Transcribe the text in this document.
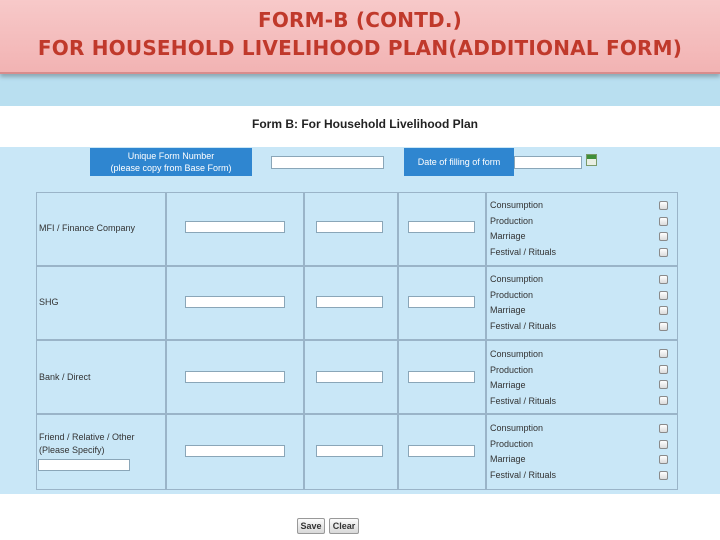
FORM-B (CONTD.)
FOR HOUSEHOLD LIVELIHOOD PLAN(ADDITIONAL FORM)
Form B: For Household Livelihood Plan
Unique Form Number
(please copy from Base Form)
Date of filling of form
MFI / Finance Company
Consumption
Production
Marriage
Festival / Rituals
SHG
Consumption
Production
Marriage
Festival / Rituals
Bank / Direct
Consumption
Production
Marriage
Festival / Rituals
Friend / Relative / Other (Please Specify)
Consumption
Production
Marriage
Festival / Rituals
Save	Clear
